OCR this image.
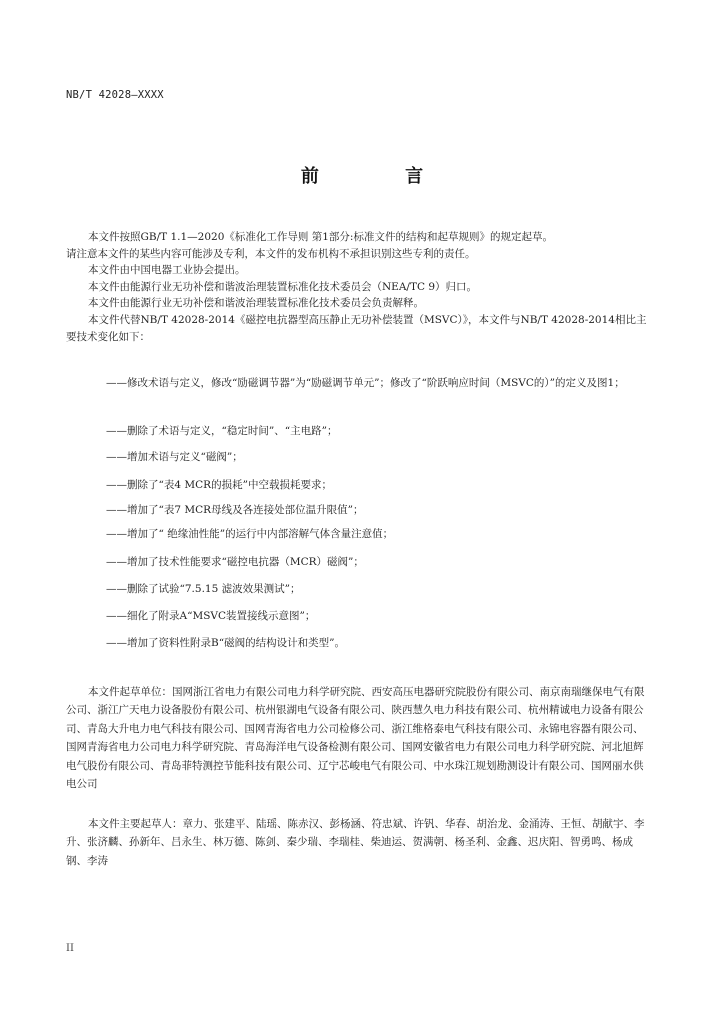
NB/T 42028—XXXX
前 言

本文件按照GB/T 1.1—2020《标准化工作导则 第1部分:标准文件的结构和起草规则》的规定起草。

请注意本文件的某些内容可能涉及专利，本文件的发布机构不承担识别这些专利的责任。

本文件由中国电器工业协会提出。

本文件由能源行业无功补偿和谐波治理装置标准化技术委员会（NEA/TC 9）归口。

本文件由能源行业无功补偿和谐波治理装置标准化技术委员会负责解释。

本文件代替NB/T 42028-2014《磁控电抗器型高压静止无功补偿装置（MSVC）》，本文件与NB/T 42028-2014相比主要技术变化如下：

——修改术语与定义，修改“励磁调节器”为“励磁调节单元”；修改了“阶跃响应时间（MSVC的）”的定义及图1；
——删除了术语与定义，“稳定时间”、“主电路”；
——增加术语与定义“磁阀”；
——删除了“表4 MCR的损耗”中空载损耗要求；
——增加了“表7 MCR母线及各连接处部位温升限值”；
——增加了“ 绝缘油性能”的运行中内部溶解气体含量注意值；
——增加了技术性能要求“磁控电抗器（MCR）磁阀”；
——删除了试验“7.5.15 滤波效果测试”；
——细化了附录A“MSVC装置接线示意图”；
——增加了资料性附录B“磁阀的结构设计和类型”。

本文件起草单位：国网浙江省电力有限公司电力科学研究院、西安高压电器研究院股份有限公司、南京南瑞继保电气有限公司、浙江广天电力设备股份有限公司、杭州银湖电气设备有限公司、陕西慧久电力科技有限公司、杭州精诚电力设备有限公司、青岛大升电力电气科技有限公司、国网青海省电力公司检修公司、浙江维格泰电气科技有限公司、永锦电容器有限公司、国网青海省电力公司电力科学研究院、青岛海洋电气设备检测有限公司、国网安徽省电力有限公司电力科学研究院、河北旭辉电气股份有限公司、青岛菲特测控节能科技有限公司、辽宁芯峻电气有限公司、中水珠江规划勘测设计有限公司、国网丽水供电公司

本文件主要起草人：章力、张建平、陆瑶、陈赤汉、彭杨涵、符忠斌、许钒、华春、胡治龙、金涌涛、王恒、胡献宇、李升、张济麟、孙新年、吕永生、林万德、陈剑、秦少瑞、李瑞桂、柴迪运、贺满朝、杨圣利、金鑫、迟庆阳、智勇鸣、杨成钢、李涛

II
